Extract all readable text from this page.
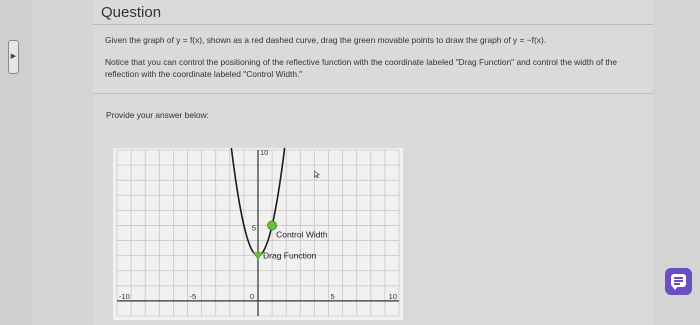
▶
Question

Given the graph of y = f(x), shown as a red dashed curve, drag the green movable points to draw the graph of y = −f(x).

Notice that you can control the positioning of the reflective function with the coordinate labeled "Drag Function" and control the width of the reflection with the coordinate labeled "Control Width."

Provide your answer below:
-10	-5	0	5	10
5
10
Control Width
Drag Function
